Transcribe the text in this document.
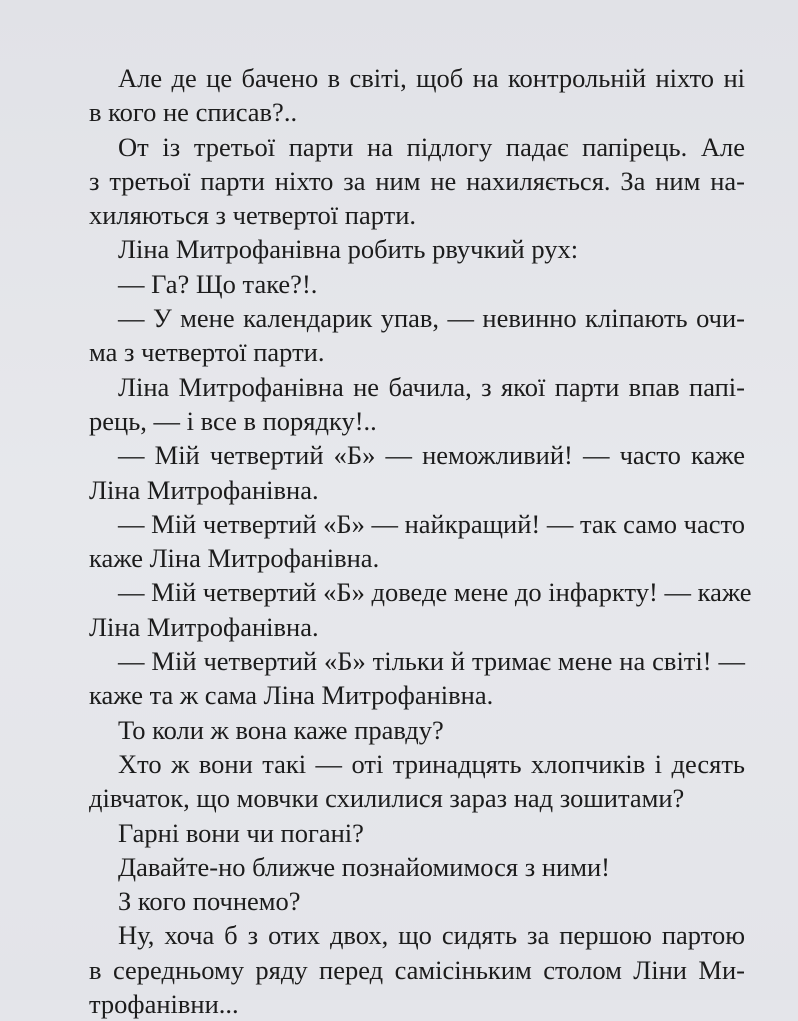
Але де це бачено в світі, щоб на контрольній ніхто ні
в кого не списав?..
От із третьої парти на підлогу падає папірець. Але
з третьої парти ніхто за ним не нахиляється. За ним на-
хиляються з четвертої парти.
Ліна Митрофанівна робить рвучкий рух:
— Га? Що таке?!.
— У мене календарик упав, — невинно кліпають очи-
ма з четвертої парти.
Ліна Митрофанівна не бачила, з якої парти впав папі-
рець, — і все в порядку!..
— Мій четвертий «Б» — неможливий! — часто каже
Ліна Митрофанівна.
— Мій четвертий «Б» — найкращий! — так само часто
каже Ліна Митрофанівна.
— Мій четвертий «Б» доведе мене до інфаркту! — каже
Ліна Митрофанівна.
— Мій четвертий «Б» тільки й тримає мене на світі! —
каже та ж сама Ліна Митрофанівна.
То коли ж вона каже правду?
Хто ж вони такі — оті тринадцять хлопчиків і десять
дівчаток, що мовчки схилилися зараз над зошитами?
Гарні вони чи погані?
Давайте-но ближче познайомимося з ними!
З кого почнемо?
Ну, хоча б з отих двох, що сидять за першою партою
в середньому ряду перед самісіньким столом Ліни Ми-
трофанівни...
